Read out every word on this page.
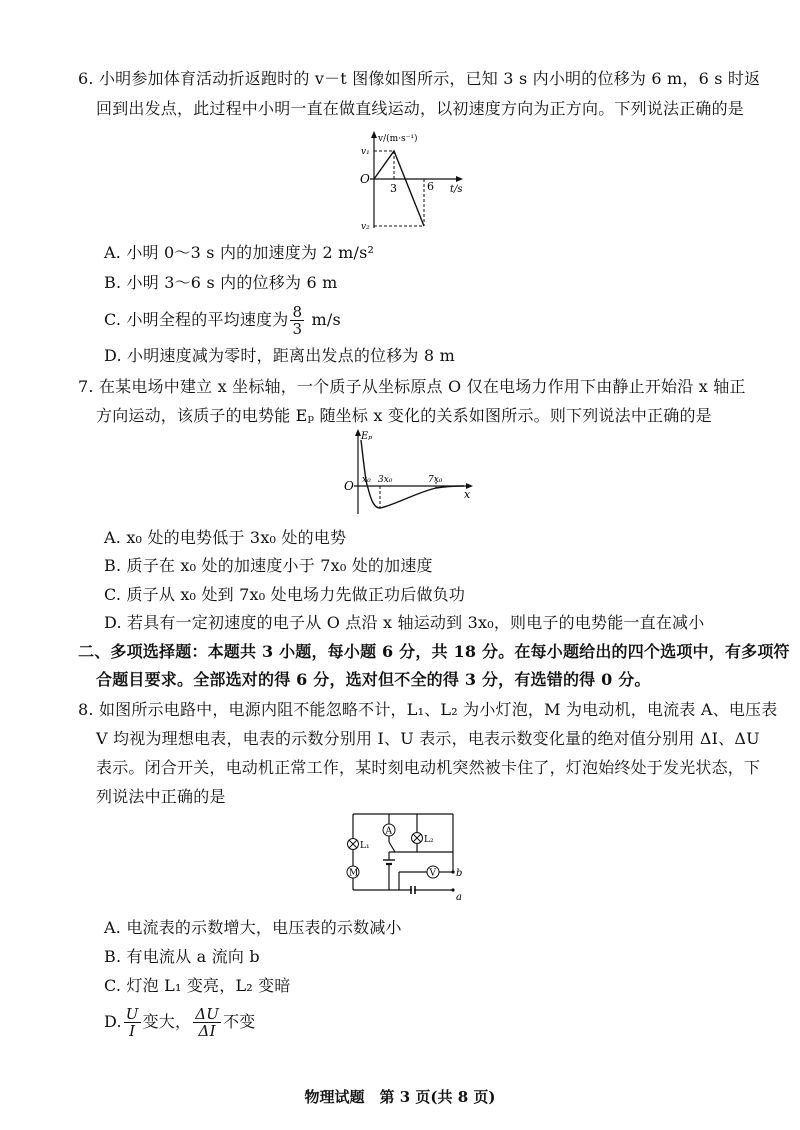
6. 小明参加体育活动折返跑时的 v－t 图像如图所示，已知 3 s 内小明的位移为 6 m，6 s 时返
回到出发点，此过程中小明一直在做直线运动，以初速度方向为正方向。下列说法正确的是
v/(m·s⁻¹)
t/s
O
v₁
v₂
3	6
A. 小明 0～3 s 内的加速度为 2 m/s²
B. 小明 3～6 s 内的位移为 6 m
C. 小明全程的平均速度为 $\frac{8}{3} m/s$
D. 小明速度减为零时，距离出发点的位移为 8 m
7. 在某电场中建立 x 坐标轴，一个质子从坐标原点 O 仅在电场力作用下由静止开始沿 x 轴正
方向运动，该质子的电势能 Eₚ 随坐标 x 变化的关系如图所示。则下列说法中正确的是
Eₚ
x
O x₀ 3x₀	7x₀
A. x₀ 处的电势低于 3x₀ 处的电势
B. 质子在 x₀ 处的加速度小于 7x₀ 处的加速度
C. 质子从 x₀ 处到 7x₀ 处电场力先做正功后做负功
D. 若具有一定初速度的电子从 O 点沿 x 轴运动到 3x₀，则电子的电势能一直在减小
二、多项选择题：本题共 3 小题，每小题 6 分，共 18 分。在每小题给出的四个选项中，有多项符
合题目要求。全部选对的得 6 分，选对但不全的得 3 分，有选错的得 0 分。
8. 如图所示电路中，电源内阻不能忽略不计，L₁、L₂ 为小灯泡，M 为电动机，电流表 A、电压表
V 均视为理想电表，电表的示数分别用 I、U 表示，电表示数变化量的绝对值分别用 ΔI、ΔU
表示。闭合开关，电动机正常工作，某时刻电动机突然被卡住了，灯泡始终处于发光状态，下
列说法中正确的是
A
L₂
L₁
M	V b
a
A. 电流表的示数增大，电压表的示数减小
B. 有电流从 a 流向 b
C. 灯泡 L₁ 变亮，L₂ 变暗
D. $\frac{U}{I}$ 变大， $\frac{\Delta U}{\Delta I}$ 不变
物理试题　第 3 页(共 8 页)
